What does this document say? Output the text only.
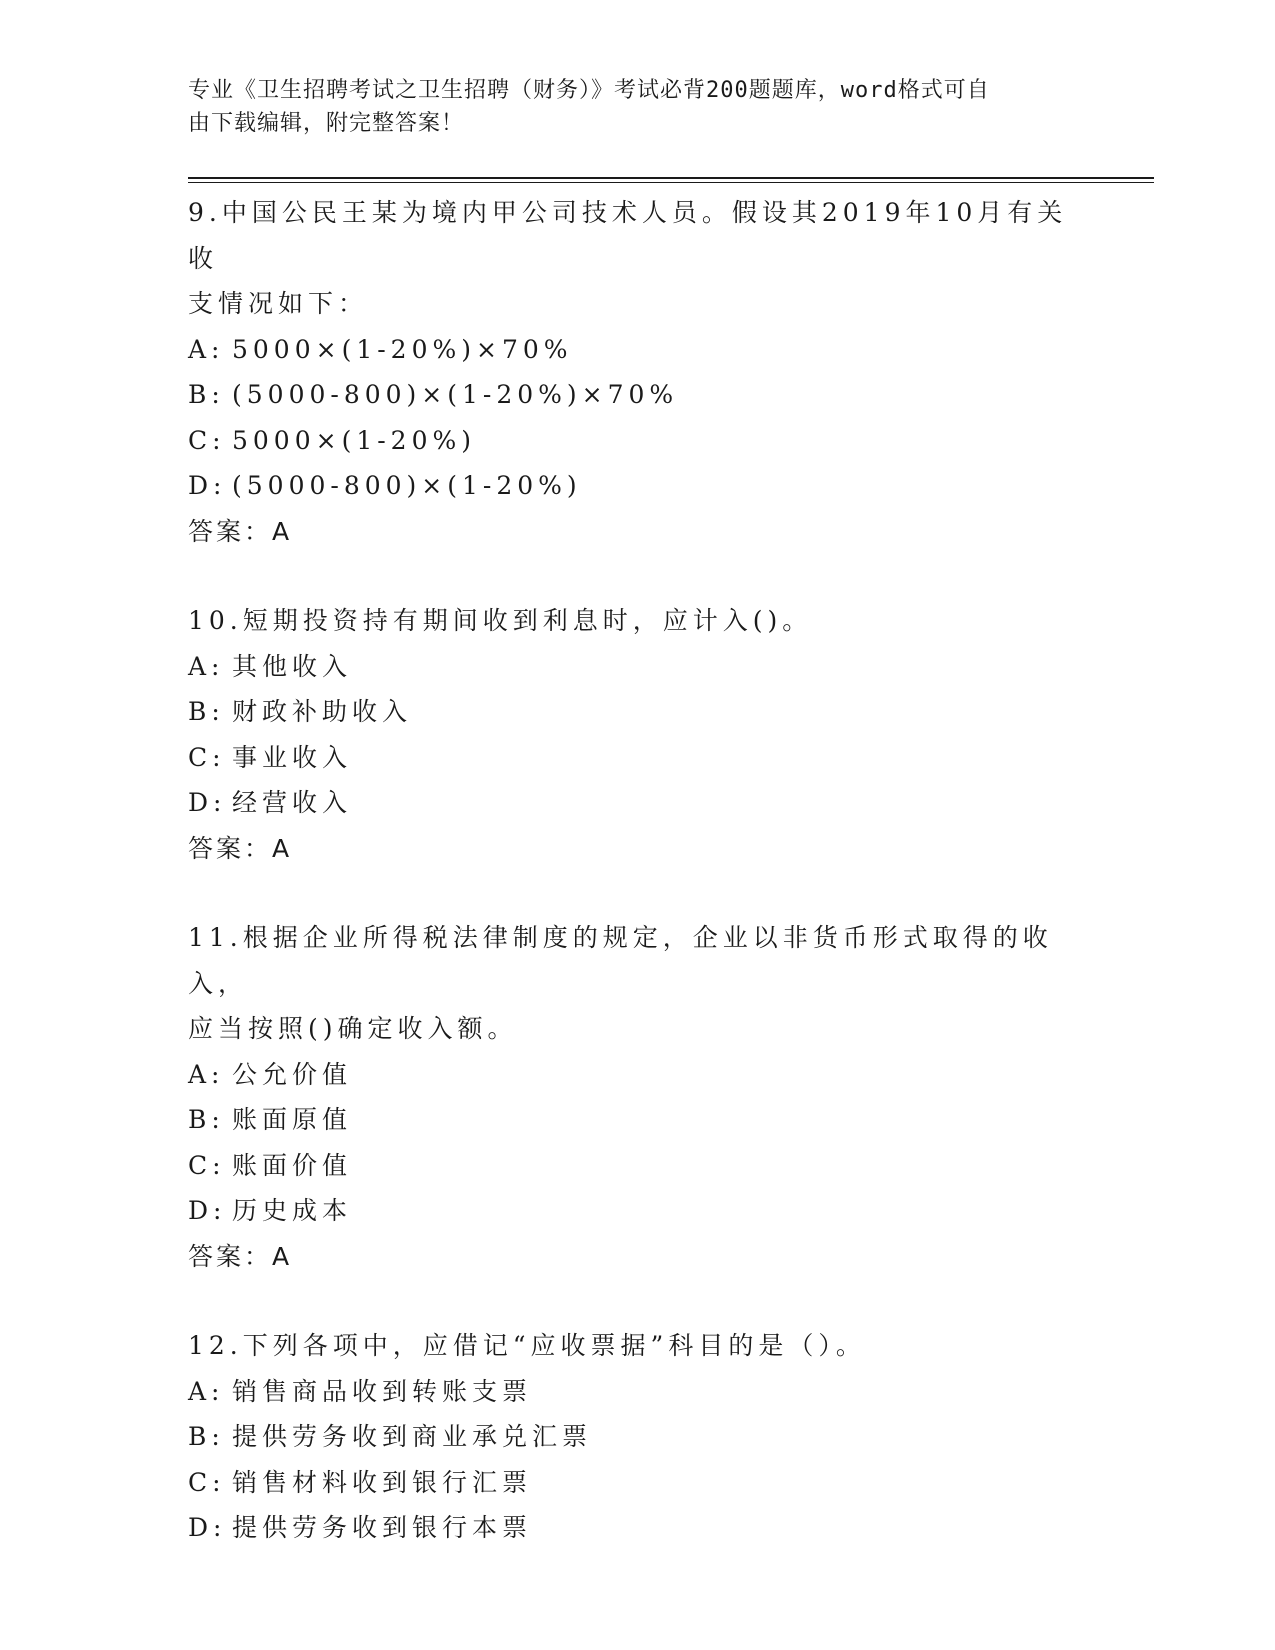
专业《卫生招聘考试之卫生招聘（财务）》考试必背200题题库，word格式可自
由下载编辑，附完整答案！
9.中国公民王某为境内甲公司技术人员。假设其2019年10月有关收
支情况如下：
A: 5000×(1-20%)×70%
B: (5000-800)×(1-20%)×70%
C: 5000×(1-20%)
D: (5000-800)×(1-20%)
答案：A
10.短期投资持有期间收到利息时，应计入()。
A: 其他收入
B: 财政补助收入
C: 事业收入
D: 经营收入
答案：A
11.根据企业所得税法律制度的规定，企业以非货币形式取得的收入，
应当按照()确定收入额。
A: 公允价值
B: 账面原值
C: 账面价值
D: 历史成本
答案：A
12.下列各项中，应借记“应收票据”科目的是（）。
A: 销售商品收到转账支票
B: 提供劳务收到商业承兑汇票
C: 销售材料收到银行汇票
D: 提供劳务收到银行本票
